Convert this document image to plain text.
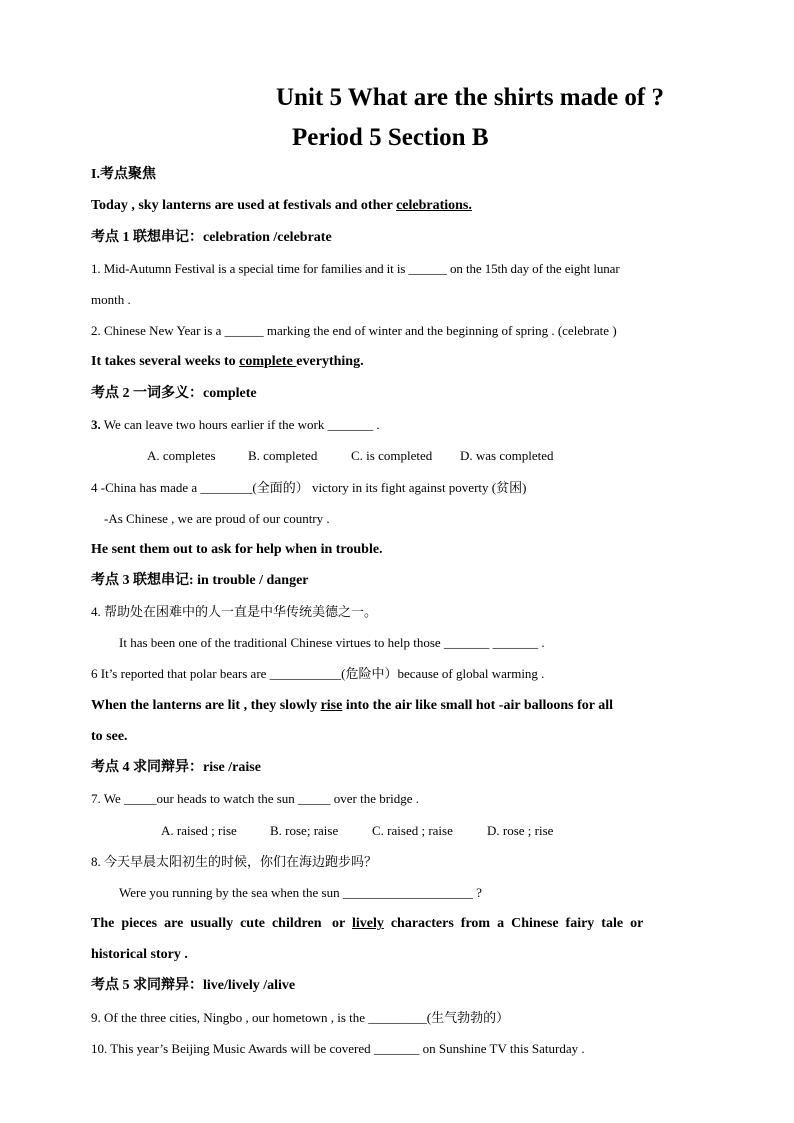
Unit 5 What are the shirts made of ?
Period 5 Section B
I.考点聚焦
Today , sky lanterns are used at festivals and other celebrations.
考点 1 联想串记：celebration /celebrate
1. Mid-Autumn Festival is a special time for families and it is ______ on the 15th day of the eight lunar
month .
2. Chinese New Year is a ______ marking the end of winter and the beginning of spring . (celebrate )
It takes several weeks to complete everything.
考点 2 一词多义：complete
3. We can leave two hours earlier if the work _______ .
A. completes B. completed	C. is completed D. was completed
4 -China has made a ________(全面的） victory in its fight against poverty (贫困)
-As Chinese , we are proud of our country .
He sent them out to ask for help when in trouble.
考点 3 联想串记: in trouble / danger
4. 帮助处在困难中的人一直是中华传统美德之一。
It has been one of the traditional Chinese virtues to help those _______ _______ .
6 It’s reported that polar bears are ___________(危险中）because of global warming .
When the lanterns are lit , they slowly rise into the air like small hot -air balloons for all
to see.
考点 4 求同辩异：rise /raise
7. We _____our heads to watch the sun _____ over the bridge .
A. raised ; rise	B. rose; raise	C. raised ; raise	D. rose ; rise
8. 今天早晨太阳初生的时候，你们在海边跑步吗？
Were you running by the sea when the sun ____________________ ?
The  pieces  are  usually  cute  children   or  lively  characters  from  a  Chinese  fairy  tale  or
historical story .
考点 5 求同辩异：live/lively /alive
9. Of the three cities, Ningbo , our hometown , is the _________(生气勃勃的）
10. This year’s Beijing Music Awards will be covered _______ on Sunshine TV this Saturday .
